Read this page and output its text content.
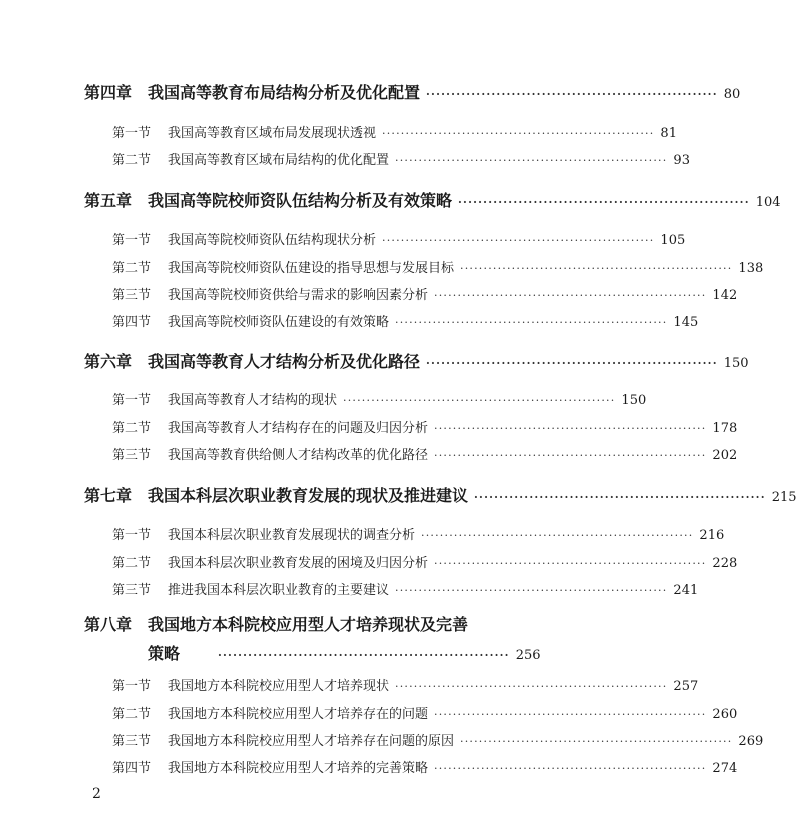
第四章 我国高等教育布局结构分析及优化配置 ·························································· 80
第一节	我国高等教育区域布局发展现状透视 ·························································· 81
第二节	我国高等教育区域布局结构的优化配置 ·························································· 93
第五章 我国高等院校师资队伍结构分析及有效策略 ·························································· 104
第一节	我国高等院校师资队伍结构现状分析 ·························································· 105
第二节	我国高等院校师资队伍建设的指导思想与发展目标 ·························································· 138
第三节	我国高等院校师资供给与需求的影响因素分析 ·························································· 142
第四节	我国高等院校师资队伍建设的有效策略 ·························································· 145
第六章 我国高等教育人才结构分析及优化路径 ·························································· 150
第一节	我国高等教育人才结构的现状 ·························································· 150
第二节	我国高等教育人才结构存在的问题及归因分析 ·························································· 178
第三节	我国高等教育供给侧人才结构改革的优化路径 ·························································· 202
第七章 我国本科层次职业教育发展的现状及推进建议 ·························································· 215
第一节	我国本科层次职业教育发展现状的调查分析 ·························································· 216
第二节	我国本科层次职业教育发展的困境及归因分析 ·························································· 228
第三节	推进我国本科层次职业教育的主要建议 ·························································· 241
第八章 我国地方本科院校应用型人才培养现状及完善
策略	·························································· 256
第一节	我国地方本科院校应用型人才培养现状 ·························································· 257
第二节	我国地方本科院校应用型人才培养存在的问题 ·························································· 260
第三节	我国地方本科院校应用型人才培养存在问题的原因 ·························································· 269
第四节	我国地方本科院校应用型人才培养的完善策略 ·························································· 274
2
